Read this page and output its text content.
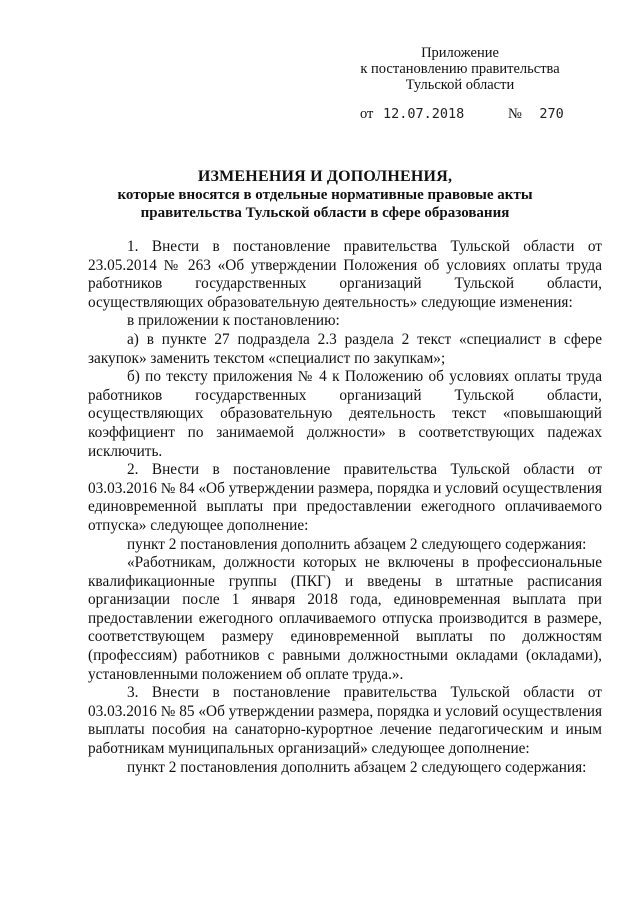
Приложение
к постановлению правительства
Тульской области
от 12.07.2018	№ 270
ИЗМЕНЕНИЯ И ДОПОЛНЕНИЯ,
которые вносятся в отдельные нормативные правовые акты
правительства Тульской области в сфере образования

1. Внести в постановление правительства Тульской области от 23.05.2014 № 263 «Об утверждении Положения об условиях оплаты труда работников государственных организаций Тульской области, осуществляющих образовательную деятельность» следующие изменения:

в приложении к постановлению:

а) в пункте 27 подраздела 2.3 раздела 2 текст «специалист в сфере закупок» заменить текстом «специалист по закупкам»;

б) по тексту приложения № 4 к Положению об условиях оплаты труда работников государственных организаций Тульской области, осуществляющих образовательную деятельность текст «повышающий коэффициент по занимаемой должности» в соответствующих падежах исключить.

2. Внести в постановление правительства Тульской области от 03.03.2016 № 84 «Об утверждении размера, порядка и условий осуществления единовременной выплаты при предоставлении ежегодного оплачиваемого отпуска» следующее дополнение:

пункт 2 постановления дополнить абзацем 2 следующего содержания:

«Работникам, должности которых не включены в профессиональные квалификационные группы (ПКГ) и введены в штатные расписания организации после 1 января 2018 года, единовременная выплата при предоставлении ежегодного оплачиваемого отпуска производится в размере, соответствующем размеру единовременной выплаты по должностям (профессиям) работников с равными должностными окладами (окладами), установленными положением об оплате труда.».

3. Внести в постановление правительства Тульской области от 03.03.2016 № 85 «Об утверждении размера, порядка и условий осуществления выплаты пособия на санаторно-курортное лечение педагогическим и иным работникам муниципальных организаций» следующее дополнение:

пункт 2 постановления дополнить абзацем 2 следующего содержания:
